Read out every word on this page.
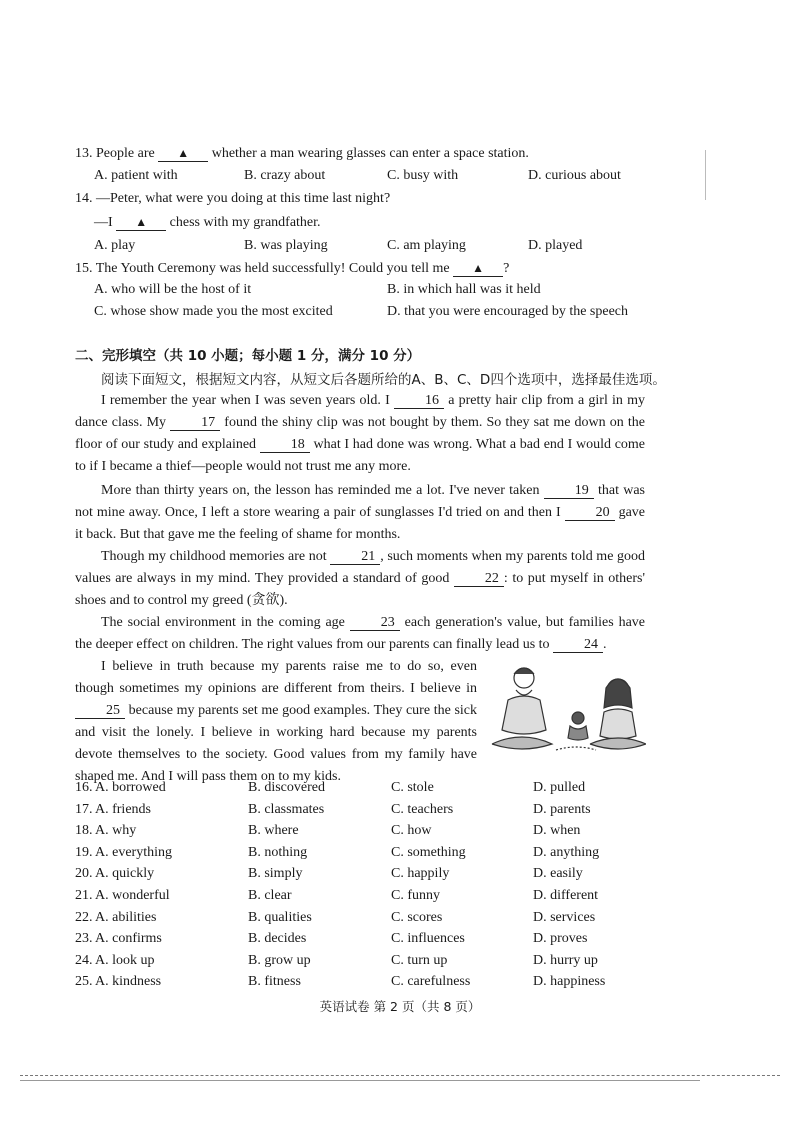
13. People are ▲ whether a man wearing glasses can enter a space station.
A. patient with	B. crazy about	C. busy with	D. curious about
14. —Peter, what were you doing at this time last night?
—I ▲ chess with my grandfather.
A. play	B. was playing	C. am playing	D. played
15. The Youth Ceremony was held successfully! Could you tell me ▲ ?
A. who will be the host of it	B. in which hall was it held
C. whose show made you the most excited	D. that you were encouraged by the speech
二、完形填空（共 10 小题；每小题 1 分，满分 10 分）
阅读下面短文，根据短文内容，从短文后各题所给的A、B、C、D四个选项中，选择最佳选项。
I remember the year when I was seven years old. I	16 a pretty hair clip from a girl in my dance class. My	17 found the shiny clip was not bought by them. So they sat me down on the floor of our study and explained 18 what I had done was wrong. What a bad end I would come to if I became a thief—people would not trust me any more.
More than thirty years on, the lesson has reminded me a lot. I've never taken	19 that was not mine away. Once, I left a store wearing a pair of sunglasses I'd tried on and then I 20 gave it back. But that gave me the feeling of shame for months.
Though my childhood memories are not 21 , such moments when my parents told me good values are always in my mind. They provided a standard of good	22 : to put myself in others' shoes and to control my greed (贪欲).
The social environment in the coming age	23 each generation's value, but families have the deeper effect on children. The right values from our parents can finally lead us to 24 .
I believe in truth because my parents raise me to do so, even though sometimes my opinions are different from theirs. I believe in 25 because my parents set me good examples. They cure the sick and visit the lonely. I believe in working hard because my parents devote themselves to the society. Good values from my family have shaped me. And I will pass them on to my kids.
16. A. borrowed	B. discovered	C. stole	D. pulled
17. A. friends	B. classmates	C. teachers	D. parents
18. A. why	B. where	C. how	D. when
19. A. everything	B. nothing	C. something	D. anything
20. A. quickly	B. simply	C. happily	D. easily
21. A. wonderful	B. clear	C. funny	D. different
22. A. abilities	B. qualities	C. scores	D. services
23. A. confirms	B. decides	C. influences	D. proves
24. A. look up	B. grow up	C. turn up	D. hurry up
25. A. kindness	B. fitness	C. carefulness	D. happiness
英语试卷 第 2 页（共 8 页）
